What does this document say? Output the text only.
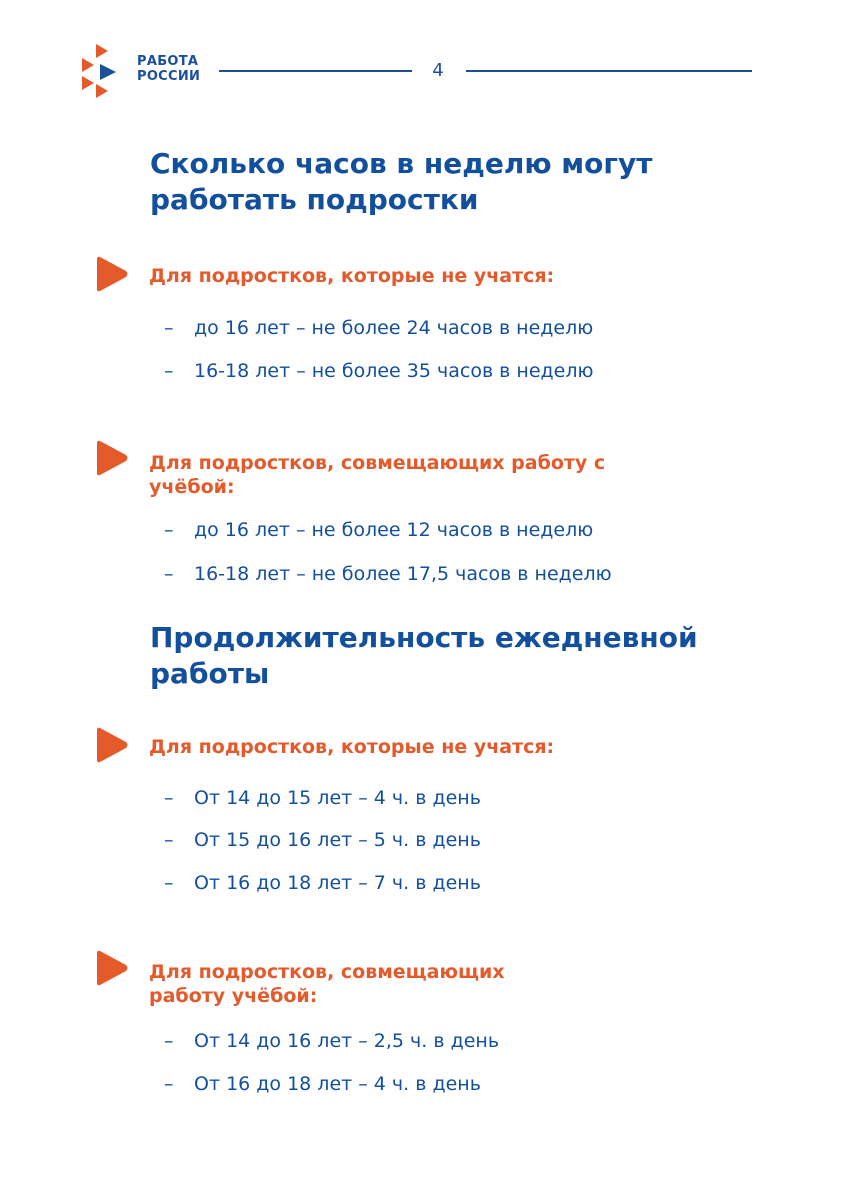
РАБОТА
РОССИИ	4
Сколько часов в неделю могут
работать подростки
Для подростков, которые не учатся:
– до 16 лет – не более 24 часов в неделю
– 16-18 лет – не более 35 часов в неделю
Для подростков, совмещающих работу с
учёбой:
– до 16 лет – не более 12 часов в неделю
– 16-18 лет – не более 17,5 часов в неделю
Продолжительность ежедневной
работы
Для подростков, которые не учатся:
– От 14 до 15 лет – 4 ч. в день
– От 15 до 16 лет – 5 ч. в день
– От 16 до 18 лет – 7 ч. в день
Для подростков, совмещающих
работу учёбой:
– От 14 до 16 лет – 2,5 ч. в день
– От 16 до 18 лет – 4 ч. в день
